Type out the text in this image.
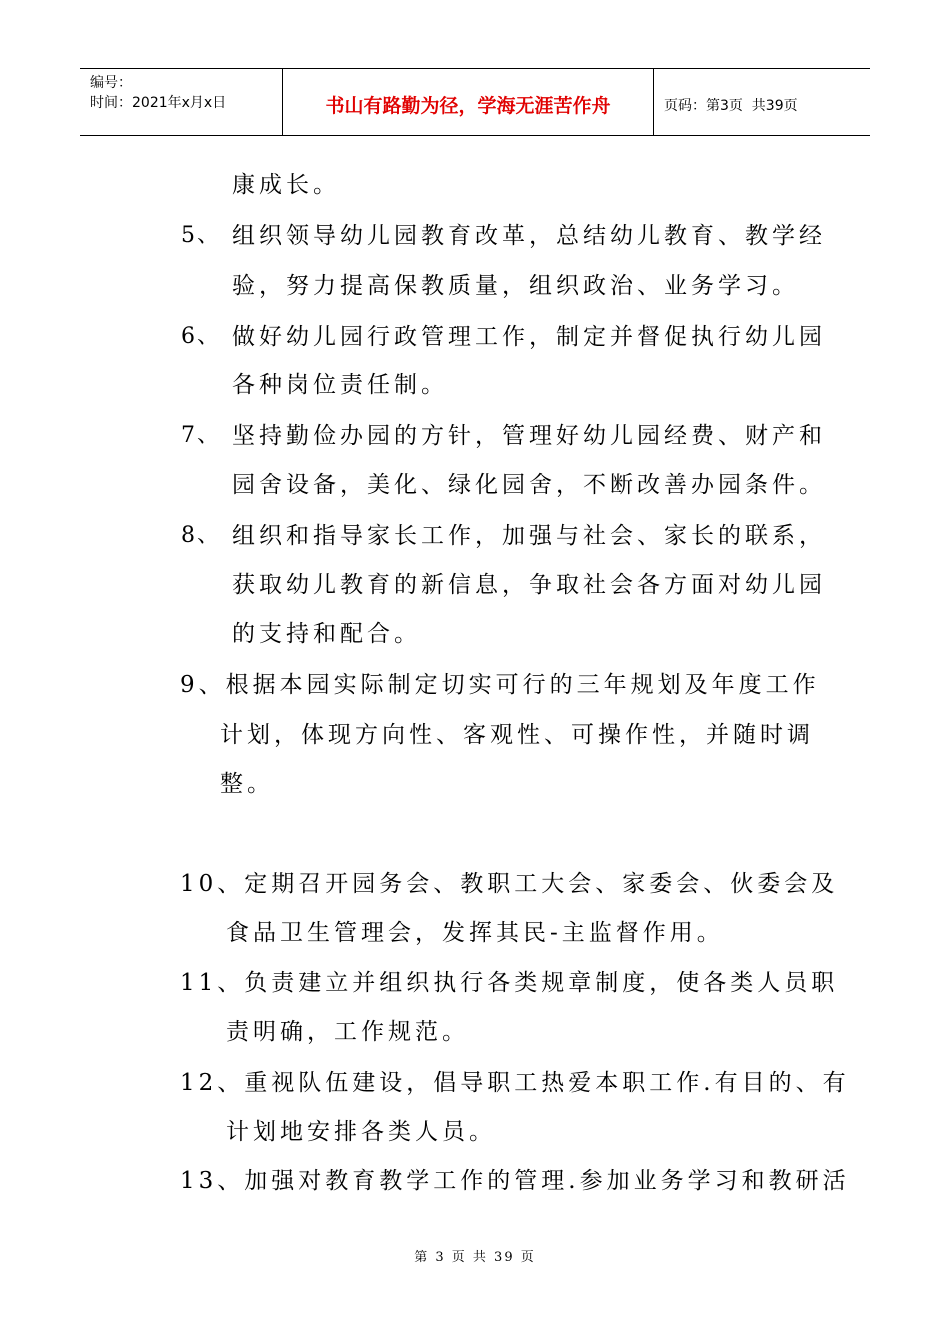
编号：
时间：2021年x月x日	书山有路勤为径，学海无涯苦作舟	页码：第3页  共39页
康成长。
5、 组织领导幼儿园教育改革，总结幼儿教育、教学经
验，努力提高保教质量，组织政治、业务学习。
6、 做好幼儿园行政管理工作，制定并督促执行幼儿园
各种岗位责任制。
7、 坚持勤俭办园的方针，管理好幼儿园经费、财产和
园舍设备，美化、绿化园舍，不断改善办园条件。
8、 组织和指导家长工作，加强与社会、家长的联系，
获取幼儿教育的新信息，争取社会各方面对幼儿园
的支持和配合。
9、根据本园实际制定切实可行的三年规划及年度工作
计划，体现方向性、客观性、可操作性，并随时调
整。
10、定期召开园务会、教职工大会、家委会、伙委会及
食品卫生管理会，发挥其民-主监督作用。
11、负责建立并组织执行各类规章制度，使各类人员职
责明确，工作规范。
12、重视队伍建设，倡导职工热爱本职工作.有目的、有
计划地安排各类人员。
13、加强对教育教学工作的管理.参加业务学习和教研活
第 3 页 共 39 页
